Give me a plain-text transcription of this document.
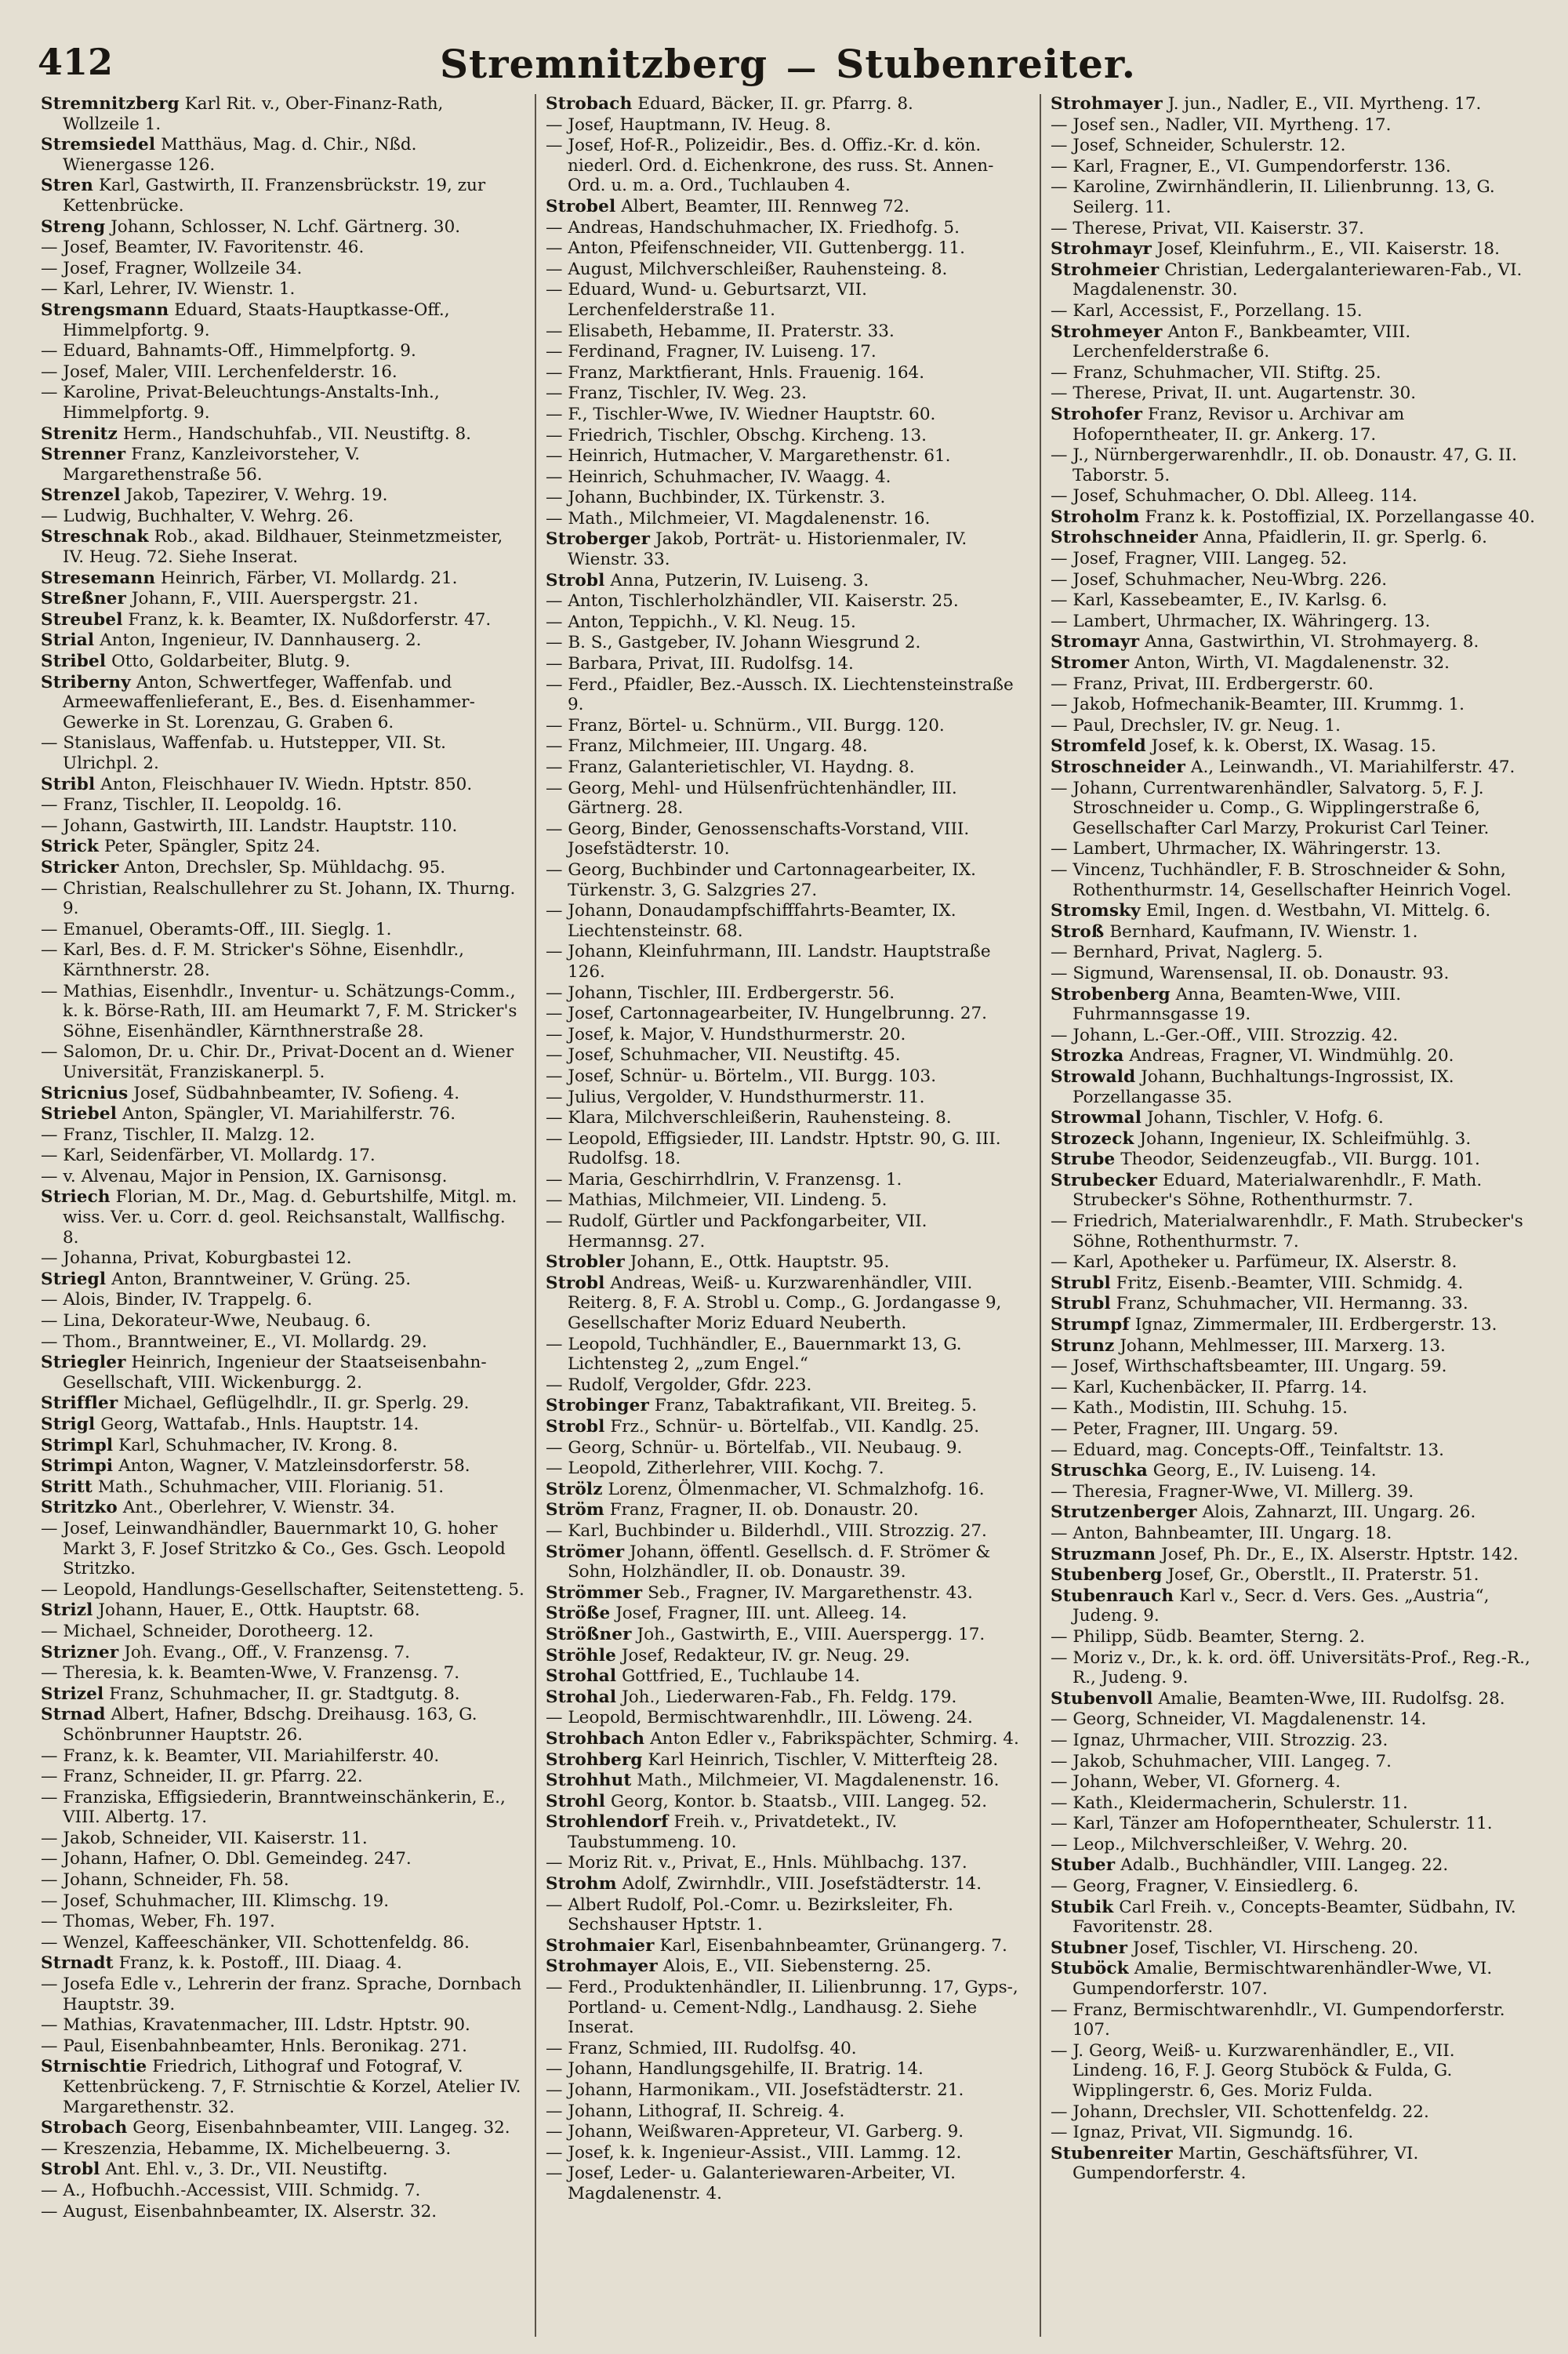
412	Stremnitzberg — Stubenreiter.
Stremnitzberg Karl Rit. v., Ober-Finanz-Rath, Wollzeile 1.
Stremsiedel Matthäus, Mag. d. Chir., Nßd. Wienergasse 126.
Stren Karl, Gastwirth, II. Franzensbrückstr. 19, zur Kettenbrücke.
Streng Johann, Schlosser, N. Lchf. Gärtnerg. 30.
— Josef, Beamter, IV. Favoritenstr. 46.
— Josef, Fragner, Wollzeile 34.
— Karl, Lehrer, IV. Wienstr. 1.
Strengsmann Eduard, Staats-Hauptkasse-Off., Himmelpfortg. 9.
— Eduard, Bahnamts-Off., Himmelpfortg. 9.
— Josef, Maler, VIII. Lerchenfelderstr. 16.
— Karoline, Privat-Beleuchtungs-Anstalts-Inh., Himmelpfortg. 9.
Strenitz Herm., Handschuhfab., VII. Neustiftg. 8.
Strenner Franz, Kanzleivorsteher, V. Margarethenstraße 56.
Strenzel Jakob, Tapezirer, V. Wehrg. 19.
— Ludwig, Buchhalter, V. Wehrg. 26.
Streschnak Rob., akad. Bildhauer, Steinmetzmeister, IV. Heug. 72. Siehe Inserat.
Stresemann Heinrich, Färber, VI. Mollardg. 21.
Streßner Johann, F., VIII. Auerspergstr. 21.
Streubel Franz, k. k. Beamter, IX. Nußdorferstr. 47.
Strial Anton, Ingenieur, IV. Dannhauserg. 2.
Stribel Otto, Goldarbeiter, Blutg. 9.
Striberny Anton, Schwertfeger, Waffenfab. und Armeewaffenlieferant, E., Bes. d. Eisenhammer-Gewerke in St. Lorenzau, G. Graben 6.
— Stanislaus, Waffenfab. u. Hutstepper, VII. St. Ulrichpl. 2.
Stribl Anton, Fleischhauer IV. Wiedn. Hptstr. 850.
— Franz, Tischler, II. Leopoldg. 16.
— Johann, Gastwirth, III. Landstr. Hauptstr. 110.
Strick Peter, Spängler, Spitz 24.
Stricker Anton, Drechsler, Sp. Mühldachg. 95.
— Christian, Realschullehrer zu St. Johann, IX. Thurng. 9.
— Emanuel, Oberamts-Off., III. Sieglg. 1.
— Karl, Bes. d. F. M. Stricker's Söhne, Eisenhdlr., Kärnthnerstr. 28.
— Mathias, Eisenhdlr., Inventur- u. Schätzungs-Comm., k. k. Börse-Rath, III. am Heumarkt 7, F. M. Stricker's Söhne, Eisenhändler, Kärnthnerstraße 28.
— Salomon, Dr. u. Chir. Dr., Privat-Docent an d. Wiener Universität, Franziskanerpl. 5.
Stricnius Josef, Südbahnbeamter, IV. Sofieng. 4.
Striebel Anton, Spängler, VI. Mariahilferstr. 76.
— Franz, Tischler, II. Malzg. 12.
— Karl, Seidenfärber, VI. Mollardg. 17.
— v. Alvenau, Major in Pension, IX. Garnisonsg.
Striech Florian, M. Dr., Mag. d. Geburtshilfe, Mitgl. m. wiss. Ver. u. Corr. d. geol. Reichsanstalt, Wallfischg. 8.
— Johanna, Privat, Koburgbastei 12.
Striegl Anton, Branntweiner, V. Grüng. 25.
— Alois, Binder, IV. Trappelg. 6.
— Lina, Dekorateur-Wwe, Neubaug. 6.
— Thom., Branntweiner, E., VI. Mollardg. 29.
Striegler Heinrich, Ingenieur der Staatseisenbahn-Gesellschaft, VIII. Wickenburgg. 2.
Striffler Michael, Geflügelhdlr., II. gr. Sperlg. 29.
Strigl Georg, Wattafab., Hnls. Hauptstr. 14.
Strimpl Karl, Schuhmacher, IV. Krong. 8.
Strimpi Anton, Wagner, V. Matzleinsdorferstr. 58.
Stritt Math., Schuhmacher, VIII. Florianig. 51.
Stritzko Ant., Oberlehrer, V. Wienstr. 34.
— Josef, Leinwandhändler, Bauernmarkt 10, G. hoher Markt 3, F. Josef Stritzko & Co., Ges. Gsch. Leopold Stritzko.
— Leopold, Handlungs-Gesellschafter, Seitenstetteng. 5.
Strizl Johann, Hauer, E., Ottk. Hauptstr. 68.
— Michael, Schneider, Dorotheerg. 12.
Strizner Joh. Evang., Off., V. Franzensg. 7.
— Theresia, k. k. Beamten-Wwe, V. Franzensg. 7.
Strizel Franz, Schuhmacher, II. gr. Stadtgutg. 8.
Strnad Albert, Hafner, Bdschg. Dreihausg. 163, G. Schönbrunner Hauptstr. 26.
— Franz, k. k. Beamter, VII. Mariahilferstr. 40.
— Franz, Schneider, II. gr. Pfarrg. 22.
— Franziska, Effigsiederin, Branntweinschänkerin, E., VIII. Albertg. 17.
— Jakob, Schneider, VII. Kaiserstr. 11.
— Johann, Hafner, O. Dbl. Gemeindeg. 247.
— Johann, Schneider, Fh. 58.
— Josef, Schuhmacher, III. Klimschg. 19.
— Thomas, Weber, Fh. 197.
— Wenzel, Kaffeeschänker, VII. Schottenfeldg. 86.
Strnadt Franz, k. k. Postoff., III. Diaag. 4.
— Josefa Edle v., Lehrerin der franz. Sprache, Dornbach Hauptstr. 39.
— Mathias, Kravatenmacher, III. Ldstr. Hptstr. 90.
— Paul, Eisenbahnbeamter, Hnls. Beronikag. 271.
Strnischtie Friedrich, Lithograf und Fotograf, V. Kettenbrückeng. 7, F. Strnischtie & Korzel, Atelier IV. Margarethenstr. 32.
Strobach Georg, Eisenbahnbeamter, VIII. Langeg. 32.
— Kreszenzia, Hebamme, IX. Michelbeuerng. 3.
Strobl Ant. Ehl. v., 3. Dr., VII. Neustiftg.
— A., Hofbuchh.-Accessist, VIII. Schmidg. 7.
— August, Eisenbahnbeamter, IX. Alserstr. 32.
Strobach Eduard, Bäcker, II. gr. Pfarrg. 8.
— Josef, Hauptmann, IV. Heug. 8.
— Josef, Hof-R., Polizeidir., Bes. d. Offiz.-Kr. d. kön. niederl. Ord. d. Eichenkrone, des russ. St. Annen-Ord. u. m. a. Ord., Tuchlauben 4.
Strobel Albert, Beamter, III. Rennweg 72.
— Andreas, Handschuhmacher, IX. Friedhofg. 5.
— Anton, Pfeifenschneider, VII. Guttenbergg. 11.
— August, Milchverschleißer, Rauhensteing. 8.
— Eduard, Wund- u. Geburtsarzt, VII. Lerchenfelderstraße 11.
— Elisabeth, Hebamme, II. Praterstr. 33.
— Ferdinand, Fragner, IV. Luiseng. 17.
— Franz, Marktfierant, Hnls. Frauenig. 164.
— Franz, Tischler, IV. Weg. 23.
— F., Tischler-Wwe, IV. Wiedner Hauptstr. 60.
— Friedrich, Tischler, Obschg. Kircheng. 13.
— Heinrich, Hutmacher, V. Margarethenstr. 61.
— Heinrich, Schuhmacher, IV. Waagg. 4.
— Johann, Buchbinder, IX. Türkenstr. 3.
— Math., Milchmeier, VI. Magdalenenstr. 16.
Stroberger Jakob, Porträt- u. Historienmaler, IV. Wienstr. 33.
Strobl Anna, Putzerin, IV. Luiseng. 3.
— Anton, Tischlerholzhändler, VII. Kaiserstr. 25.
— Anton, Teppichh., V. Kl. Neug. 15.
— B. S., Gastgeber, IV. Johann Wiesgrund 2.
— Barbara, Privat, III. Rudolfsg. 14.
— Ferd., Pfaidler, Bez.-Aussch. IX. Liechtensteinstraße 9.
— Franz, Börtel- u. Schnürm., VII. Burgg. 120.
— Franz, Milchmeier, III. Ungarg. 48.
— Franz, Galanterietischler, VI. Haydng. 8.
— Georg, Mehl- und Hülsenfrüchtenhändler, III. Gärtnerg. 28.
— Georg, Binder, Genossenschafts-Vorstand, VIII. Josefstädterstr. 10.
— Georg, Buchbinder und Cartonnagearbeiter, IX. Türkenstr. 3, G. Salzgries 27.
— Johann, Donaudampfschifffahrts-Beamter, IX. Liechtensteinstr. 68.
— Johann, Kleinfuhrmann, III. Landstr. Hauptstraße 126.
— Johann, Tischler, III. Erdbergerstr. 56.
— Josef, Cartonnagearbeiter, IV. Hungelbrunng. 27.
— Josef, k. Major, V. Hundsthurmerstr. 20.
— Josef, Schuhmacher, VII. Neustiftg. 45.
— Josef, Schnür- u. Börtelm., VII. Burgg. 103.
— Julius, Vergolder, V. Hundsthurmerstr. 11.
— Klara, Milchverschleißerin, Rauhensteing. 8.
— Leopold, Effigsieder, III. Landstr. Hptstr. 90, G. III. Rudolfsg. 18.
— Maria, Geschirrhdlrin, V. Franzensg. 1.
— Mathias, Milchmeier, VII. Lindeng. 5.
— Rudolf, Gürtler und Packfongarbeiter, VII. Hermannsg. 27.
Strobler Johann, E., Ottk. Hauptstr. 95.
Strobl Andreas, Weiß- u. Kurzwarenhändler, VIII. Reiterg. 8, F. A. Strobl u. Comp., G. Jordangasse 9, Gesellschafter Moriz Eduard Neuberth.
— Leopold, Tuchhändler, E., Bauernmarkt 13, G. Lichtensteg 2, „zum Engel.“
— Rudolf, Vergolder, Gfdr. 223.
Strobinger Franz, Tabaktrafikant, VII. Breiteg. 5.
Strobl Frz., Schnür- u. Börtelfab., VII. Kandlg. 25.
— Georg, Schnür- u. Börtelfab., VII. Neubaug. 9.
— Leopold, Zitherlehrer, VIII. Kochg. 7.
Strölz Lorenz, Ölmenmacher, VI. Schmalzhofg. 16.
Ström Franz, Fragner, II. ob. Donaustr. 20.
— Karl, Buchbinder u. Bilderhdl., VIII. Strozzig. 27.
Strömer Johann, öffentl. Gesellsch. d. F. Strömer & Sohn, Holzhändler, II. ob. Donaustr. 39.
Strömmer Seb., Fragner, IV. Margarethenstr. 43.
Ströße Josef, Fragner, III. unt. Alleeg. 14.
Strößner Joh., Gastwirth, E., VIII. Auerspergg. 17.
Ströhle Josef, Redakteur, IV. gr. Neug. 29.
Strohal Gottfried, E., Tuchlaube 14.
Strohal Joh., Liederwaren-Fab., Fh. Feldg. 179.
— Leopold, Bermischtwarenhdlr., III. Löweng. 24.
Strohbach Anton Edler v., Fabrikspächter, Schmirg. 4.
Strohberg Karl Heinrich, Tischler, V. Mitterfteig 28.
Strohhut Math., Milchmeier, VI. Magdalenenstr. 16.
Strohl Georg, Kontor. b. Staatsb., VIII. Langeg. 52.
Strohlendorf Freih. v., Privatdetekt., IV. Taubstummeng. 10.
— Moriz Rit. v., Privat, E., Hnls. Mühlbachg. 137.
Strohm Adolf, Zwirnhdlr., VIII. Josefstädterstr. 14.
— Albert Rudolf, Pol.-Comr. u. Bezirksleiter, Fh. Sechshauser Hptstr. 1.
Strohmaier Karl, Eisenbahnbeamter, Grünangerg. 7.
Strohmayer Alois, E., VII. Siebensterng. 25.
— Ferd., Produktenhändler, II. Lilienbrunng. 17, Gyps-, Portland- u. Cement-Ndlg., Landhausg. 2. Siehe Inserat.
— Franz, Schmied, III. Rudolfsg. 40.
— Johann, Handlungsgehilfe, II. Bratrig. 14.
— Johann, Harmonikam., VII. Josefstädterstr. 21.
— Johann, Lithograf, II. Schreig. 4.
— Johann, Weißwaren-Appreteur, VI. Garberg. 9.
— Josef, k. k. Ingenieur-Assist., VIII. Lammg. 12.
— Josef, Leder- u. Galanteriewaren-Arbeiter, VI. Magdalenenstr. 4.
Strohmayer J. jun., Nadler, E., VII. Myrtheng. 17.
— Josef sen., Nadler, VII. Myrtheng. 17.
— Josef, Schneider, Schulerstr. 12.
— Karl, Fragner, E., VI. Gumpendorferstr. 136.
— Karoline, Zwirnhändlerin, II. Lilienbrunng. 13, G. Seilerg. 11.
— Therese, Privat, VII. Kaiserstr. 37.
Strohmayr Josef, Kleinfuhrm., E., VII. Kaiserstr. 18.
Strohmeier Christian, Ledergalanteriewaren-Fab., VI. Magdalenenstr. 30.
— Karl, Accessist, F., Porzellang. 15.
Strohmeyer Anton F., Bankbeamter, VIII. Lerchenfelderstraße 6.
— Franz, Schuhmacher, VII. Stiftg. 25.
— Therese, Privat, II. unt. Augartenstr. 30.
Strohofer Franz, Revisor u. Archivar am Hofoperntheater, II. gr. Ankerg. 17.
— J., Nürnbergerwarenhdlr., II. ob. Donaustr. 47, G. II. Taborstr. 5.
— Josef, Schuhmacher, O. Dbl. Alleeg. 114.
Stroholm Franz k. k. Postoffizial, IX. Porzellangasse 40.
Strohschneider Anna, Pfaidlerin, II. gr. Sperlg. 6.
— Josef, Fragner, VIII. Langeg. 52.
— Josef, Schuhmacher, Neu-Wbrg. 226.
— Karl, Kassebeamter, E., IV. Karlsg. 6.
— Lambert, Uhrmacher, IX. Währingerg. 13.
Stromayr Anna, Gastwirthin, VI. Strohmayerg. 8.
Stromer Anton, Wirth, VI. Magdalenenstr. 32.
— Franz, Privat, III. Erdbergerstr. 60.
— Jakob, Hofmechanik-Beamter, III. Krummg. 1.
— Paul, Drechsler, IV. gr. Neug. 1.
Stromfeld Josef, k. k. Oberst, IX. Wasag. 15.
Stroschneider A., Leinwandh., VI. Mariahilferstr. 47.
— Johann, Currentwarenhändler, Salvatorg. 5, F. J. Stroschneider u. Comp., G. Wipplingerstraße 6, Gesellschafter Carl Marzy, Prokurist Carl Teiner.
— Lambert, Uhrmacher, IX. Währingerstr. 13.
— Vincenz, Tuchhändler, F. B. Stroschneider & Sohn, Rothenthurmstr. 14, Gesellschafter Heinrich Vogel.
Stromsky Emil, Ingen. d. Westbahn, VI. Mittelg. 6.
Stroß Bernhard, Kaufmann, IV. Wienstr. 1.
— Bernhard, Privat, Naglerg. 5.
— Sigmund, Warensensal, II. ob. Donaustr. 93.
Strobenberg Anna, Beamten-Wwe, VIII. Fuhrmannsgasse 19.
— Johann, L.-Ger.-Off., VIII. Strozzig. 42.
Strozka Andreas, Fragner, VI. Windmühlg. 20.
Strowald Johann, Buchhaltungs-Ingrossist, IX. Porzellangasse 35.
Strowmal Johann, Tischler, V. Hofg. 6.
Strozeck Johann, Ingenieur, IX. Schleifmühlg. 3.
Strube Theodor, Seidenzeugfab., VII. Burgg. 101.
Strubecker Eduard, Materialwarenhdlr., F. Math. Strubecker's Söhne, Rothenthurmstr. 7.
— Friedrich, Materialwarenhdlr., F. Math. Strubecker's Söhne, Rothenthurmstr. 7.
— Karl, Apotheker u. Parfümeur, IX. Alserstr. 8.
Strubl Fritz, Eisenb.-Beamter, VIII. Schmidg. 4.
Strubl Franz, Schuhmacher, VII. Hermanng. 33.
Strumpf Ignaz, Zimmermaler, III. Erdbergerstr. 13.
Strunz Johann, Mehlmesser, III. Marxerg. 13.
— Josef, Wirthschaftsbeamter, III. Ungarg. 59.
— Karl, Kuchenbäcker, II. Pfarrg. 14.
— Kath., Modistin, III. Schuhg. 15.
— Peter, Fragner, III. Ungarg. 59.
— Eduard, mag. Concepts-Off., Teinfaltstr. 13.
Struschka Georg, E., IV. Luiseng. 14.
— Theresia, Fragner-Wwe, VI. Millerg. 39.
Strutzenberger Alois, Zahnarzt, III. Ungarg. 26.
— Anton, Bahnbeamter, III. Ungarg. 18.
Struzmann Josef, Ph. Dr., E., IX. Alserstr. Hptstr. 142.
Stubenberg Josef, Gr., Oberstlt., II. Praterstr. 51.
Stubenrauch Karl v., Secr. d. Vers. Ges. „Austria“, Judeng. 9.
— Philipp, Südb. Beamter, Sterng. 2.
— Moriz v., Dr., k. k. ord. öff. Universitäts-Prof., Reg.-R., R., Judeng. 9.
Stubenvoll Amalie, Beamten-Wwe, III. Rudolfsg. 28.
— Georg, Schneider, VI. Magdalenenstr. 14.
— Ignaz, Uhrmacher, VIII. Strozzig. 23.
— Jakob, Schuhmacher, VIII. Langeg. 7.
— Johann, Weber, VI. Gfornerg. 4.
— Kath., Kleidermacherin, Schulerstr. 11.
— Karl, Tänzer am Hofoperntheater, Schulerstr. 11.
— Leop., Milchverschleißer, V. Wehrg. 20.
Stuber Adalb., Buchhändler, VIII. Langeg. 22.
— Georg, Fragner, V. Einsiedlerg. 6.
Stubik Carl Freih. v., Concepts-Beamter, Südbahn, IV. Favoritenstr. 28.
Stubner Josef, Tischler, VI. Hirscheng. 20.
Stuböck Amalie, Bermischtwarenhändler-Wwe, VI. Gumpendorferstr. 107.
— Franz, Bermischtwarenhdlr., VI. Gumpendorferstr. 107.
— J. Georg, Weiß- u. Kurzwarenhändler, E., VII. Lindeng. 16, F. J. Georg Stuböck & Fulda, G. Wipplingerstr. 6, Ges. Moriz Fulda.
— Johann, Drechsler, VII. Schottenfeldg. 22.
— Ignaz, Privat, VII. Sigmundg. 16.
Stubenreiter Martin, Geschäftsführer, VI. Gumpendorferstr. 4.
